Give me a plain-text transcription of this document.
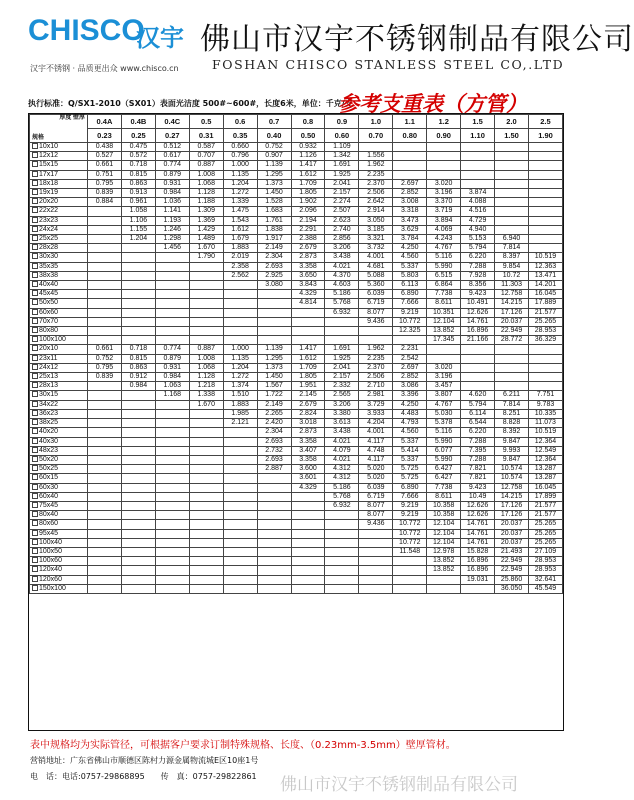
CHISCO
汉宇
汉宇不锈钢 · 品质更出众 www.chisco.cn
佛山市汉宇不锈钢制品有限公司
FOSHAN CHISCO STANLESS STEEL CO,.LTD
执行标准：Q/SX1-2010（SX01）表面光洁度 500#~600#，长度6米，单位：千克/支
参考支重表（方管）
厚度 壁厚
规格	0.4A	0.4B	0.4C	0.5	0.6	0.7	0.8	0.9	1.0	1.1	1.2	1.5	2.0	2.5
	0.23	0.25	0.27	0.31	0.35	0.40	0.50	0.60	0.70	0.80	0.90	1.10	1.50	1.90
10x10	0.438	0.475	0.512	0.587	0.660	0.752	0.932	1.109						
12x12	0.527	0.572	0.617	0.707	0.796	0.907	1.126	1.342	1.556					
15x15	0.661	0.718	0.774	0.887	1.000	1.139	1.417	1.691	1.962					
17x17	0.751	0.815	0.879	1.008	1.135	1.295	1.612	1.925	2.235					
18x18	0.795	0.863	0.931	1.068	1.204	1.373	1.709	2.041	2.370	2.697	3.020			
19x19	0.839	0.913	0.984	1.128	1.272	1.450	1.805	2.157	2.506	2.852	3.196	3.874		
20x20	0.884	0.961	1.036	1.188	1.339	1.528	1.902	2.274	2.642	3.008	3.370	4.088		
22x22		1.058	1.141	1.309	1.475	1.683	2.096	2.507	2.914	3.318	3.719	4.516		
23x23		1.106	1.193	1.369	1.543	1.761	2.194	2.623	3.050	3.473	3.894	4.729		
24x24		1.155	1.246	1.429	1.612	1.838	2.291	2.740	3.185	3.629	4.069	4.940		
25x25		1.204	1.298	1.489	1.679	1.917	2.388	2.856	3.321	3.784	4.243	5.153	6.940	
28x28			1.456	1.670	1.883	2.149	2.679	3.206	3.732	4.250	4.767	5.794	7.814	
30x30				1.790	2.019	2.304	2.873	3.438	4.001	4.560	5.116	6.220	8.397	10.519
35x35					2.358	2.693	3.358	4.021	4.681	5.337	5.990	7.288	9.854	12.363
38x38					2.562	2.925	3.650	4.370	5.088	5.803	6.515	7.928	10.72	13.471
40x40						3.080	3.843	4.603	5.360	6.113	6.864	8.356	11.303	14.201
45x45							4.329	5.186	6.039	6.890	7.738	9.423	12.758	16.045
50x50							4.814	5.768	6.719	7.666	8.611	10.491	14.215	17.889
60x60								6.932	8.077	9.219	10.351	12.626	17.126	21.577
70x70									9.436	10.772	12.104	14.761	20.037	25.265
80x80										12.325	13.852	16.896	22.949	28.953
100x100											17.345	21.166	28.772	36.329
20x10	0.661	0.718	0.774	0.887	1.000	1.139	1.417	1.691	1.962	2.231				
23x11	0.752	0.815	0.879	1.008	1.135	1.295	1.612	1.925	2.235	2.542				
24x12	0.795	0.863	0.931	1.068	1.204	1.373	1.709	2.041	2.370	2.697	3.020			
25x13	0.839	0.912	0.984	1.128	1.272	1.450	1.805	2.157	2.506	2.852	3.196			
28x13		0.984	1.063	1.218	1.374	1.567	1.951	2.332	2.710	3.086	3.457			
30x15			1.168	1.338	1.510	1.722	2.145	2.565	2.981	3.396	3.807	4.620	6.211	7.751
34x22				1.670	1.883	2.149	2.679	3.206	3.729	4.250	4.767	5.794	7.814	9.783
36x23					1.985	2.265	2.824	3.380	3.933	4.483	5.030	6.114	8.251	10.335
38x25					2.121	2.420	3.018	3.613	4.204	4.793	5.378	6.544	8.828	11.073
40x20						2.304	2.873	3.438	4.001	4.560	5.116	6.220	8.392	10.519
40x30						2.693	3.358	4.021	4.117	5.337	5.990	7.288	9.847	12.364
48x23						2.732	3.407	4.079	4.748	5.414	6.077	7.395	9.993	12.549
50x20						2.693	3.358	4.021	4.117	5.337	5.990	7.288	9.847	12.364
50x25						2.887	3.600	4.312	5.020	5.725	6.427	7.821	10.574	13.287
60x15							3.601	4.312	5.020	5.725	6.427	7.821	10.574	13.287
60x30							4.329	5.186	6.039	6.890	7.738	9.423	12.758	16.045
60x40								5.768	6.719	7.666	8.611	10.49	14.215	17.899
75x45								6.932	8.077	9.219	10.358	12.626	17.126	21.577
80x40									8.077	9.219	10.358	12.626	17.126	21.577
80x60									9.436	10.772	12.104	14.761	20.037	25.265
95x45										10.772	12.104	14.761	20.037	25.265
100x40										10.772	12.104	14.761	20.037	25.265
100x50										11.548	12.978	15.828	21.493	27.109
100x60											13.852	16.896	22.949	28.953
120x40											13.852	16.896	22.949	28.953
120x60												19.031	25.860	32.641
150x100													36.050	45.549
表中规格均为实际管径，可根据客户要求订制特殊规格、长度、（0.23mm-3.5mm）壁厚管材。
营销地址：广东省佛山市顺德区陈村力源金属物流城E区10座1号
电　话：电话:0757-29868895　　传　真：0757-29822861 佛山市汉宇不锈钢制品有限公司
